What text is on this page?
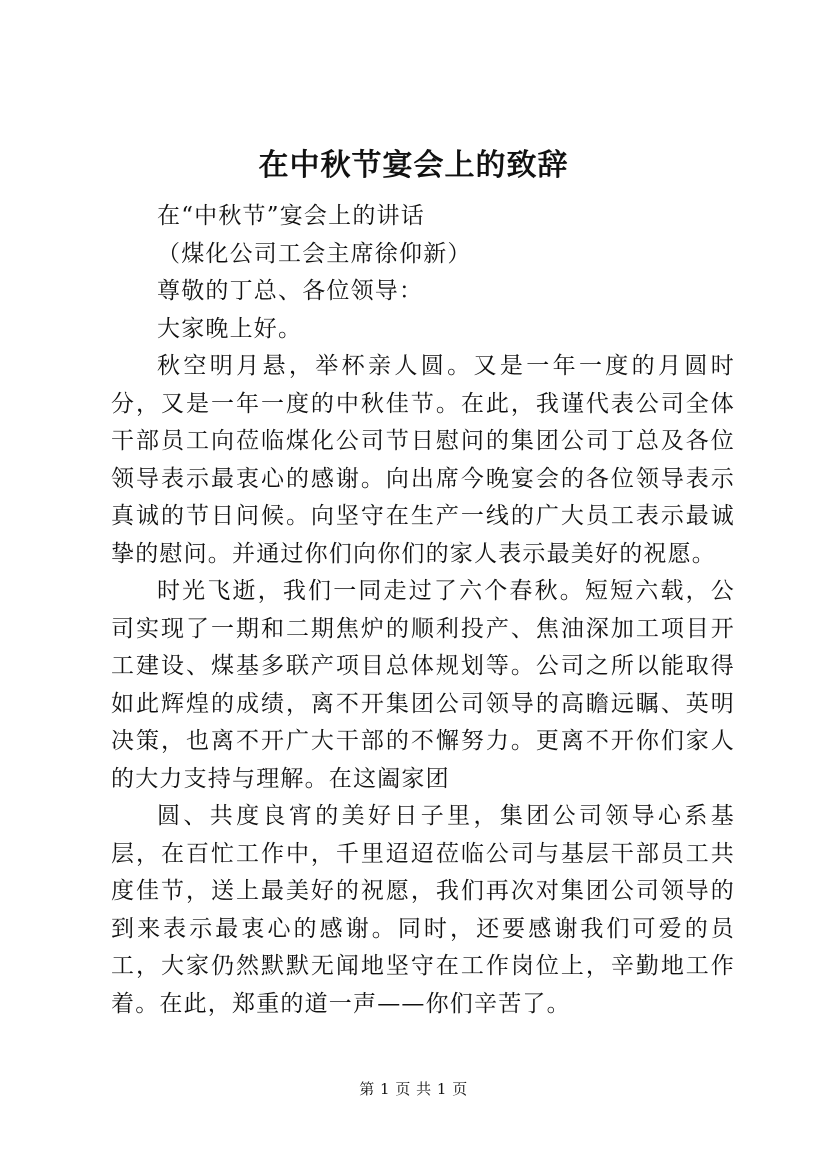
在中秋节宴会上的致辞

在“中秋节”宴会上的讲话

（煤化公司工会主席徐仰新）

尊敬的丁总、各位领导：

大家晚上好。

秋空明月悬，举杯亲人圆。又是一年一度的月圆时分，又是一年一度的中秋佳节。在此，我谨代表公司全体干部员工向莅临煤化公司节日慰问的集团公司丁总及各位领导表示最衷心的感谢。向出席今晚宴会的各位领导表示真诚的节日问候。向坚守在生产一线的广大员工表示最诚挚的慰问。并通过你们向你们的家人表示最美好的祝愿。

时光飞逝，我们一同走过了六个春秋。短短六载，公司实现了一期和二期焦炉的顺利投产、焦油深加工项目开工建设、煤基多联产项目总体规划等。公司之所以能取得如此辉煌的成绩，离不开集团公司领导的高瞻远瞩、英明决策，也离不开广大干部的不懈努力。更离不开你们家人的大力支持与理解。在这阖家团

圆、共度良宵的美好日子里，集团公司领导心系基层，在百忙工作中，千里迢迢莅临公司与基层干部员工共度佳节，送上最美好的祝愿，我们再次对集团公司领导的到来表示最衷心的感谢。同时，还要感谢我们可爱的员工，大家仍然默默无闻地坚守在工作岗位上，辛勤地工作着。在此，郑重的道一声——你们辛苦了。

第 1 页 共 1 页
